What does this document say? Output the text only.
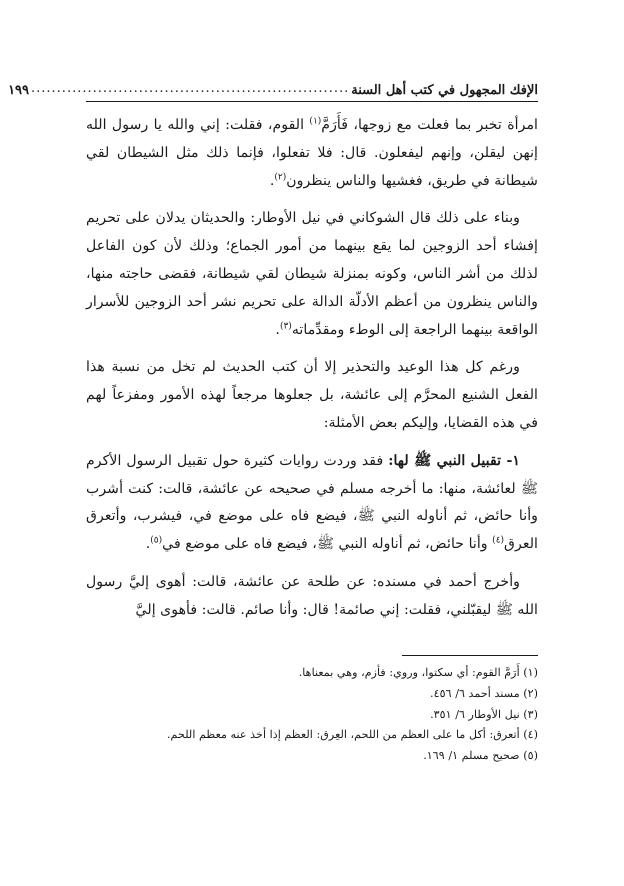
الإفك المجهول في كتب أهل السنة
..............................................................
١٩٩

امرأة تخبر بما فعلت مع زوجها، فَأَرَمَّ$^{(١)}$ القوم، فقلت: إني والله يا رسول الله إنهن ليقلن، وإنهم ليفعلون. قال: فلا تفعلوا، فإنما ذلك مثل الشيطان لقي شيطانة في طريق، فغشيها والناس ينظرون$^{(٢)}$.

وبناء على ذلك قال الشوكاني في نيل الأوطار: والحديثان يدلان على تحريم إفشاء أحد الزوجين لما يقع بينهما من أمور الجماع؛ وذلك لأن كون الفاعل لذلك من أشر الناس، وكونه بمنزلة شيطان لقي شيطانة، فقضى حاجته منها، والناس ينظرون من أعظم الأدلّة الدالة على تحريم نشر أحد الزوجين للأسرار الواقعة بينهما الراجعة إلى الوطء ومقدِّماته$^{(٣)}$.

ورغم كل هذا الوعيد والتحذير إلا أن كتب الحديث لم تخل من نسبة هذا الفعل الشنيع المحرَّم إلى عائشة، بل جعلوها مرجعاً لهذه الأمور ومفزعاً لهم في هذه القضايا، وإليكم بعض الأمثلة:

١- تقبيل النبي ﷺ لها: فقد وردت روايات كثيرة حول تقبيل الرسول الأكرم ﷺ لعائشة، منها: ما أخرجه مسلم في صحيحه عن عائشة، قالت: كنت أشرب وأنا حائض، ثم أناوله النبي ﷺ، فيضع فاه على موضع في، فيشرب، وأتعرق العرق$^{(٤)}$ وأنا حائض، ثم أناوله النبي ﷺ، فيضع فاه على موضع في$^{(٥)}$.

وأخرج أحمد في مسنده: عن طلحة عن عائشة، قالت: أهوى إليَّ رسول الله ﷺ ليقبّلني، فقلت: إني صائمة! قال: وأنا صائم. قالت: فأهوى إليَّ

(١) أَرَمَّ القوم: أي سكتوا، وروي: فأزم، وهي بمعناها.
(٢) مسند أحمد ٦/ ٤٥٦.
(٣) نيل الأوطار ٦/ ٣٥١.
(٤) أتعرق: أكل ما على العظم من اللحم، العِرق: العظم إذا أخذ عنه معظم اللحم.
(٥) صحيح مسلم ١/ ١٦٩.
